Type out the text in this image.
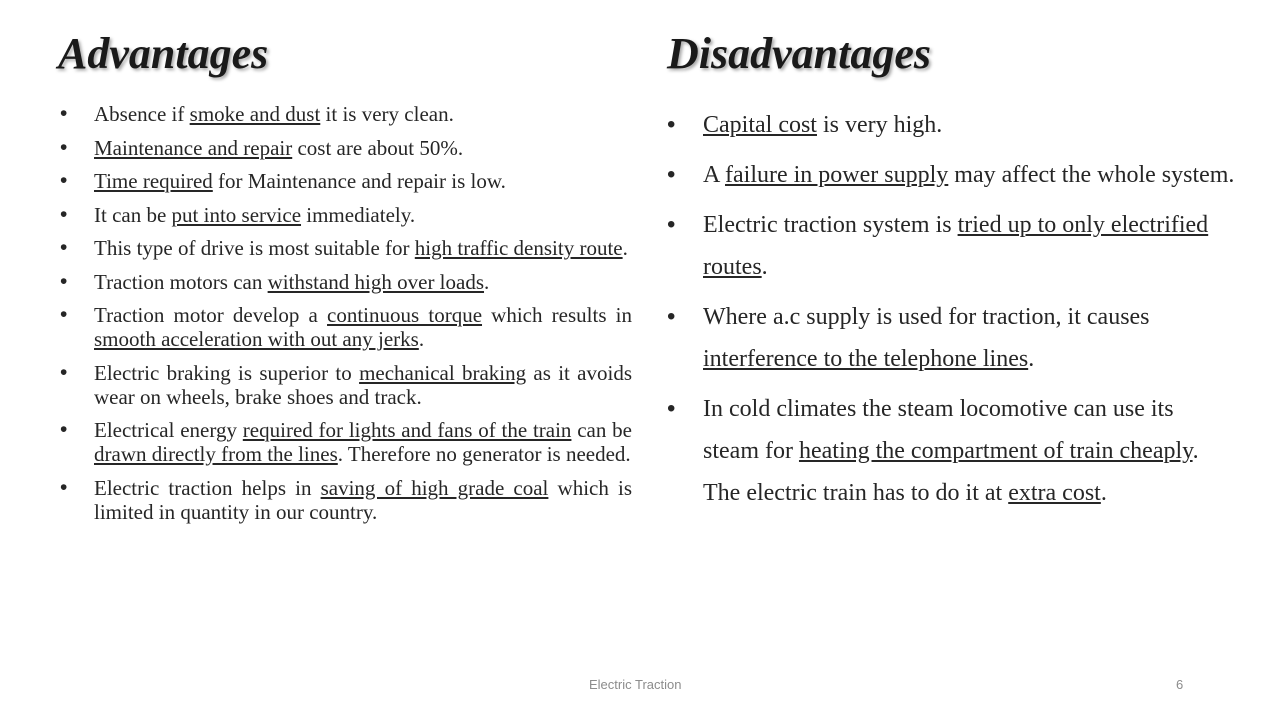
Advantages
• Absence if smoke and dust it is very clean.
• Maintenance and repair cost are about 50%.
• Time required for Maintenance and repair is low.
• It can be put into service immediately.
• This type of drive is most suitable for high traffic density route.
• Traction motors can withstand high over loads.
• Traction motor develop a continuous torque which results in smooth acceleration with out any jerks.
• Electric braking is superior to mechanical braking as it avoids wear on wheels, brake shoes and track.
• Electrical energy required for lights and fans of the train can be drawn directly from the lines. Therefore no generator is needed.
• Electric traction helps in saving of high grade coal which is limited in quantity in our country.
Disadvantages
• Capital cost is very high.
• A failure in power supply may affect the whole system.
• Electric traction system is tried up to only electrified routes.
• Where a.c supply is used for traction, it causes interference to the telephone lines.
• In cold climates the steam locomotive can use its steam for heating the compartment of train cheaply. The electric train has to do it at extra cost.
Electric Traction	6
